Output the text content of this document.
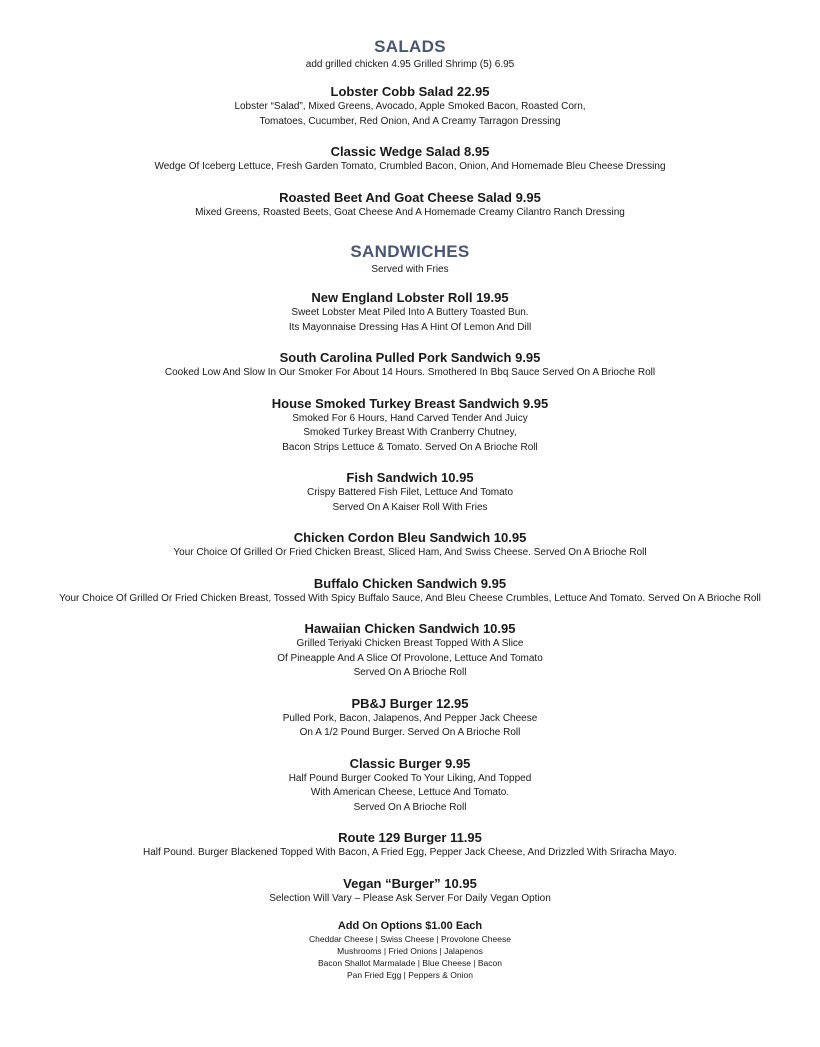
SALADS
add grilled chicken 4.95 Grilled Shrimp (5) 6.95
Lobster Cobb Salad 22.95
Lobster “Salad”, Mixed Greens, Avocado, Apple Smoked Bacon, Roasted Corn,
Tomatoes, Cucumber, Red Onion, And A Creamy Tarragon Dressing
Classic Wedge Salad 8.95
Wedge Of Iceberg Lettuce, Fresh Garden Tomato, Crumbled Bacon, Onion, And Homemade Bleu Cheese Dressing
Roasted Beet And Goat Cheese Salad 9.95
Mixed Greens, Roasted Beets, Goat Cheese And A Homemade Creamy Cilantro Ranch Dressing
SANDWICHES
Served with Fries
New England Lobster Roll 19.95
Sweet Lobster Meat Piled Into A Buttery Toasted Bun.
Its Mayonnaise Dressing Has A Hint Of Lemon And Dill
South Carolina Pulled Pork Sandwich 9.95
Cooked Low And Slow In Our Smoker For About 14 Hours. Smothered In Bbq Sauce Served On A Brioche Roll
House Smoked Turkey Breast Sandwich 9.95
Smoked For 6 Hours, Hand Carved Tender And Juicy
Smoked Turkey Breast With Cranberry Chutney,
Bacon Strips Lettuce & Tomato. Served On A Brioche Roll
Fish Sandwich 10.95
Crispy Battered Fish Filet, Lettuce And Tomato
Served On A Kaiser Roll With Fries
Chicken Cordon Bleu Sandwich 10.95
Your Choice Of Grilled Or Fried Chicken Breast, Sliced Ham, And Swiss Cheese. Served On A Brioche Roll
Buffalo Chicken Sandwich 9.95
Your Choice Of Grilled Or Fried Chicken Breast, Tossed With Spicy Buffalo Sauce, And Bleu Cheese Crumbles, Lettuce And Tomato. Served On A Brioche Roll
Hawaiian Chicken Sandwich 10.95
Grilled Teriyaki Chicken Breast Topped With A Slice
Of Pineapple And A Slice Of Provolone, Lettuce And Tomato
Served On A Brioche Roll
PB&J Burger 12.95
Pulled Pork, Bacon, Jalapenos, And Pepper Jack Cheese
On A 1/2 Pound Burger. Served On A Brioche Roll
Classic Burger 9.95
Half Pound Burger Cooked To Your Liking, And Topped
With American Cheese, Lettuce And Tomato.
Served On A Brioche Roll
Route 129 Burger 11.95
Half Pound. Burger Blackened Topped With Bacon, A Fried Egg, Pepper Jack Cheese, And Drizzled With Sriracha Mayo.
Vegan “Burger” 10.95
Selection Will Vary – Please Ask Server For Daily Vegan Option
Add On Options $1.00 Each
Cheddar Cheese | Swiss Cheese | Provolone Cheese
Mushrooms | Fried Onions | Jalapenos
Bacon Shallot Marmalade | Blue Cheese | Bacon
Pan Fried Egg | Peppers & Onion
